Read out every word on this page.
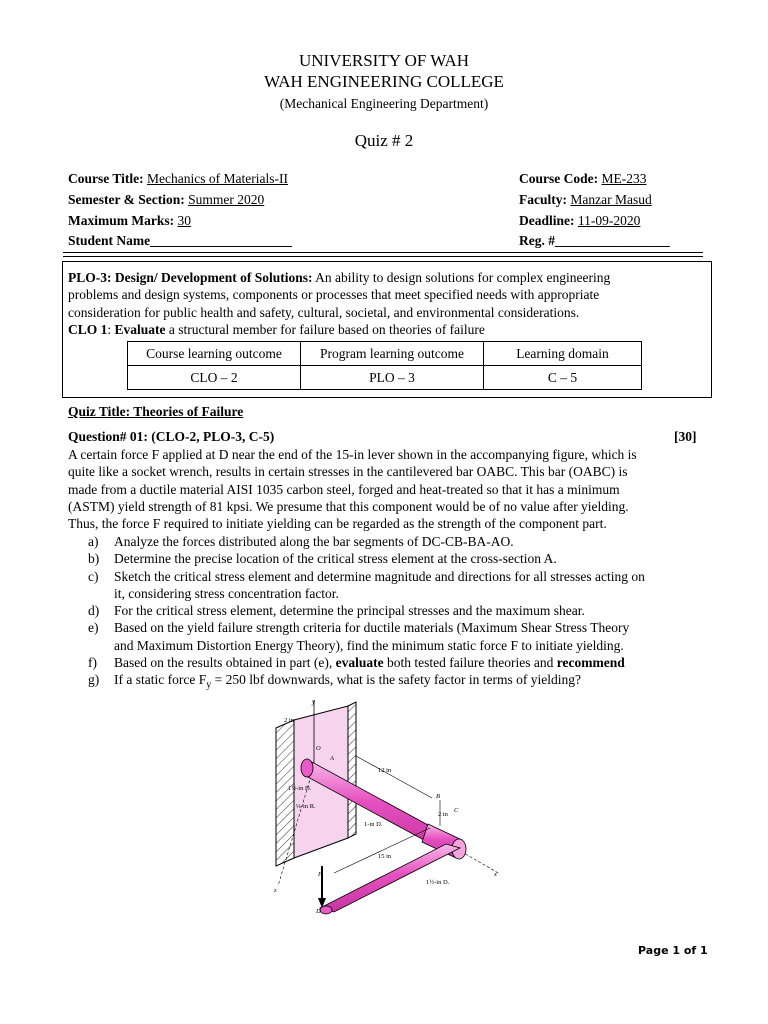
UNIVERSITY OF WAH
WAH ENGINEERING COLLEGE
(Mechanical Engineering Department)
Quiz # 2
Course Title: Mechanics of Materials-II	Course Code: ME-233
Semester & Section: Summer 2020	Faculty: Manzar Masud
Maximum Marks: 30	Deadline: 11-09-2020
Student Name_____________________	Reg. #_________________
PLO-3: Design/ Development of Solutions: An ability to design solutions for complex engineering
problems and design systems, components or processes that meet specified needs with appropriate
consideration for public health and safety, cultural, societal, and environmental considerations.
CLO 1: Evaluate a structural member for failure based on theories of failure
Course learning outcome	Program learning outcome	Learning domain
CLO – 2	PLO – 3	C – 5
Quiz Title: Theories of Failure
Question# 01: (CLO-2, PLO-3, C-5)	[30]
A certain force F applied at D near the end of the 15-in lever shown in the accompanying figure, which is
quite like a socket wrench, results in certain stresses in the cantilevered bar OABC. This bar (OABC) is
made from a ductile material AISI 1035 carbon steel, forged and heat-treated so that it has a minimum
(ASTM) yield strength of 81 kpsi. We presume that this component would be of no value after yielding.
Thus, the force F required to initiate yielding can be regarded as the strength of the component part.
a) Analyze the forces distributed along the bar segments of DC-CB-BA-AO.
b) Determine the precise location of the critical stress element at the cross-section A.
c) Sketch the critical stress element and determine magnitude and directions for all stresses acting on
it, considering stress concentration factor.
d) For the critical stress element, determine the principal stresses and the maximum shear.
e) Based on the yield failure strength criteria for ductile materials (Maximum Shear Stress Theory
and Maximum Distortion Energy Theory), find the minimum static force F to initiate yielding.
f) Based on the results obtained in part (e), evaluate both tested failure theories and recommend
g) If a static force $F_y = 250$ lbf downwards, what is the safety factor in terms of yielding?
y
2 in
O
A
12 in
B
C
2 in
1½-in D.
¼-in R.
1-in D.
15 in
F
D
z
x
1½-in D.
Page 1 of 1
